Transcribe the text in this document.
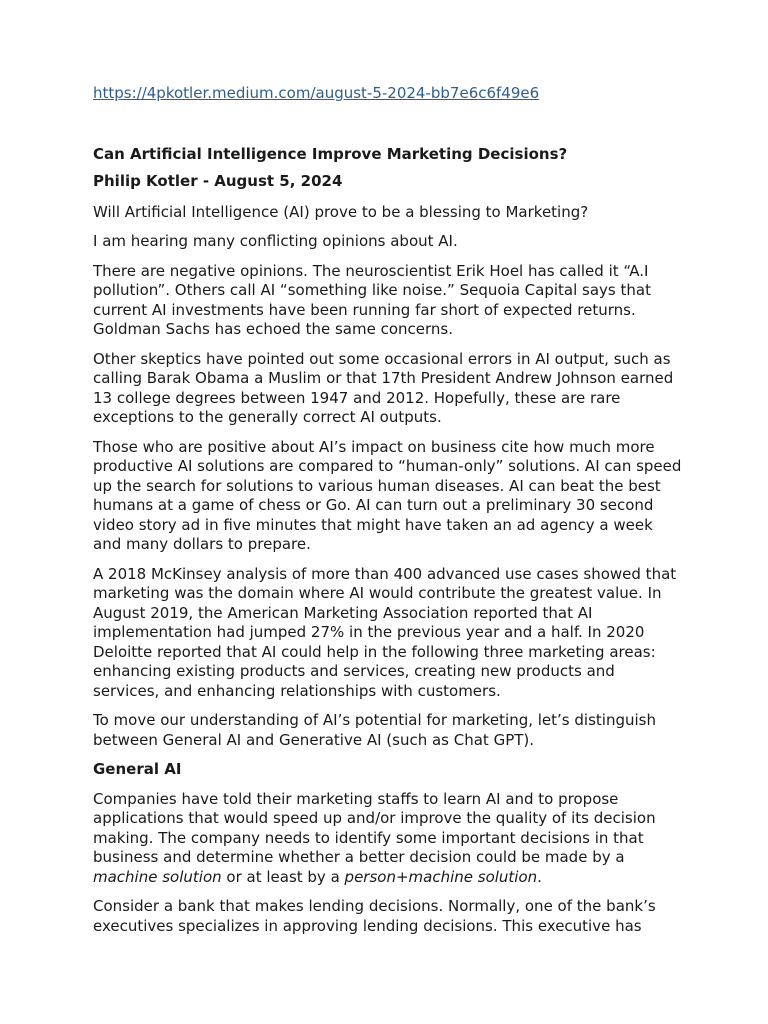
https://4pkotler.medium.com/august-5-2024-bb7e6c6f49e6

Can Artificial Intelligence Improve Marketing Decisions?

Philip Kotler - August 5, 2024

Will Artificial Intelligence (AI) prove to be a blessing to Marketing?

I am hearing many conflicting opinions about AI.

There are negative opinions. The neuroscientist Erik Hoel has called it “A.I pollution”. Others call AI “something like noise.” Sequoia Capital says that current AI investments have been running far short of expected returns. Goldman Sachs has echoed the same concerns.

Other skeptics have pointed out some occasional errors in AI output, such as calling Barak Obama a Muslim or that 17th President Andrew Johnson earned 13 college degrees between 1947 and 2012. Hopefully, these are rare exceptions to the generally correct AI outputs.

Those who are positive about AI’s impact on business cite how much more productive AI solutions are compared to “human-only” solutions. AI can speed up the search for solutions to various human diseases. AI can beat the best humans at a game of chess or Go. AI can turn out a preliminary 30 second video story ad in five minutes that might have taken an ad agency a week and many dollars to prepare.

A 2018 McKinsey analysis of more than 400 advanced use cases showed that marketing was the domain where AI would contribute the greatest value. In August 2019, the American Marketing Association reported that AI implementation had jumped 27% in the previous year and a half. In 2020 Deloitte reported that AI could help in the following three marketing areas: enhancing existing products and services, creating new products and services, and enhancing relationships with customers.

To move our understanding of AI’s potential for marketing, let’s distinguish between General AI and Generative AI (such as Chat GPT).

General AI

Companies have told their marketing staffs to learn AI and to propose applications that would speed up and/or improve the quality of its decision making. The company needs to identify some important decisions in that business and determine whether a better decision could be made by a machine solution or at least by a person+machine solution.

Consider a bank that makes lending decisions. Normally, one of the bank’s executives specializes in approving lending decisions. This executive has
